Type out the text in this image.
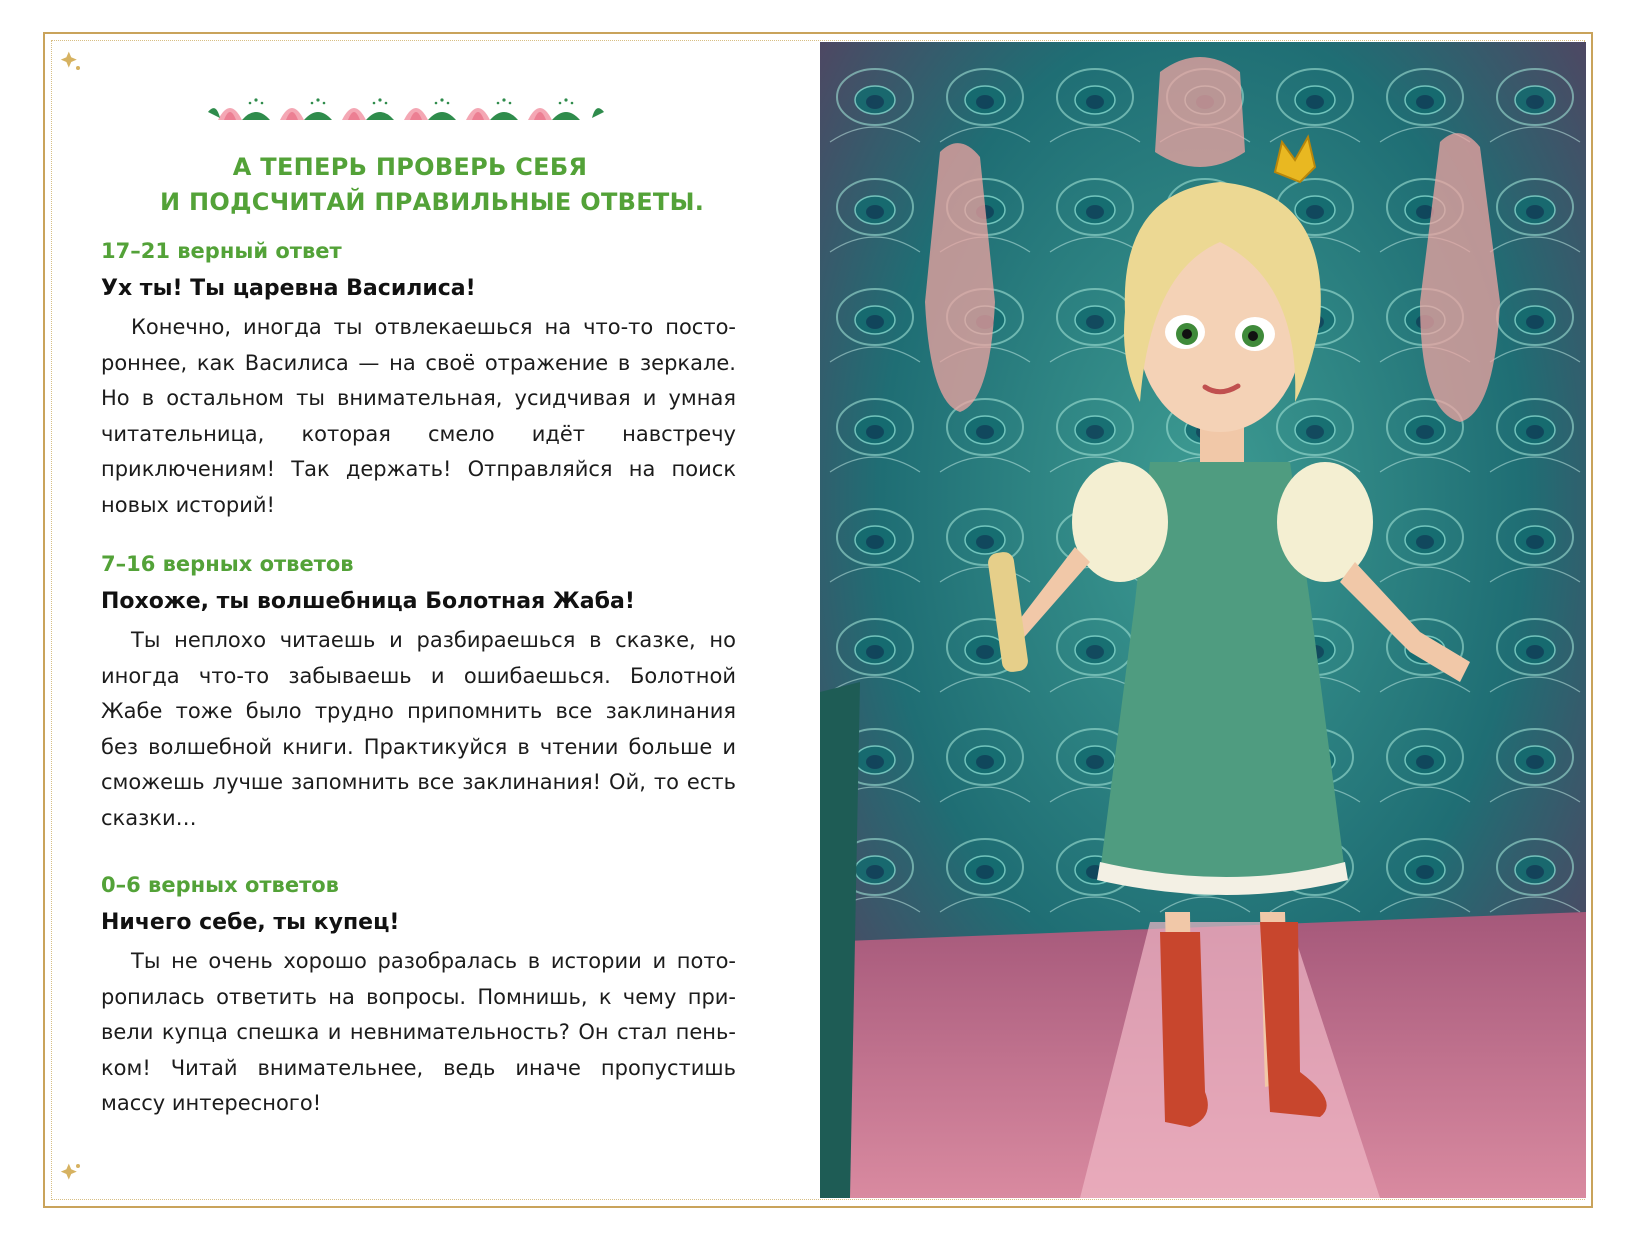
А ТЕПЕРЬ ПРОВЕРЬ СЕБЯ
И ПОДСЧИТАЙ ПРАВИЛЬНЫЕ ОТВЕТЫ.
17–21 верный ответ
Ух ты! Ты царевна Василиса!
Конечно, иногда ты отвлекаешься на что-то постороннее, как Василиса — на своё отражение в зеркале. Но в остальном ты внимательная, усидчивая и умная читательница, которая смело идёт навстречу приключениям! Так держать! Отправляйся на поиск новых историй!
7–16 верных ответов
Похоже, ты волшебница Болотная Жаба!
Ты неплохо читаешь и разбираешься в сказке, но иногда что-то забываешь и ошибаешься. Болотной Жабе тоже было трудно припомнить все заклинания без волшебной книги. Практикуйся в чтении больше и сможешь лучше запомнить все заклинания! Ой, то есть сказки…
0–6 верных ответов
Ничего себе, ты купец!
Ты не очень хорошо разобралась в истории и поторопилась ответить на вопросы. Помнишь, к чему привели купца спешка и невнимательность? Он стал пеньком! Читай внимательнее, ведь иначе пропустишь массу интересного!
